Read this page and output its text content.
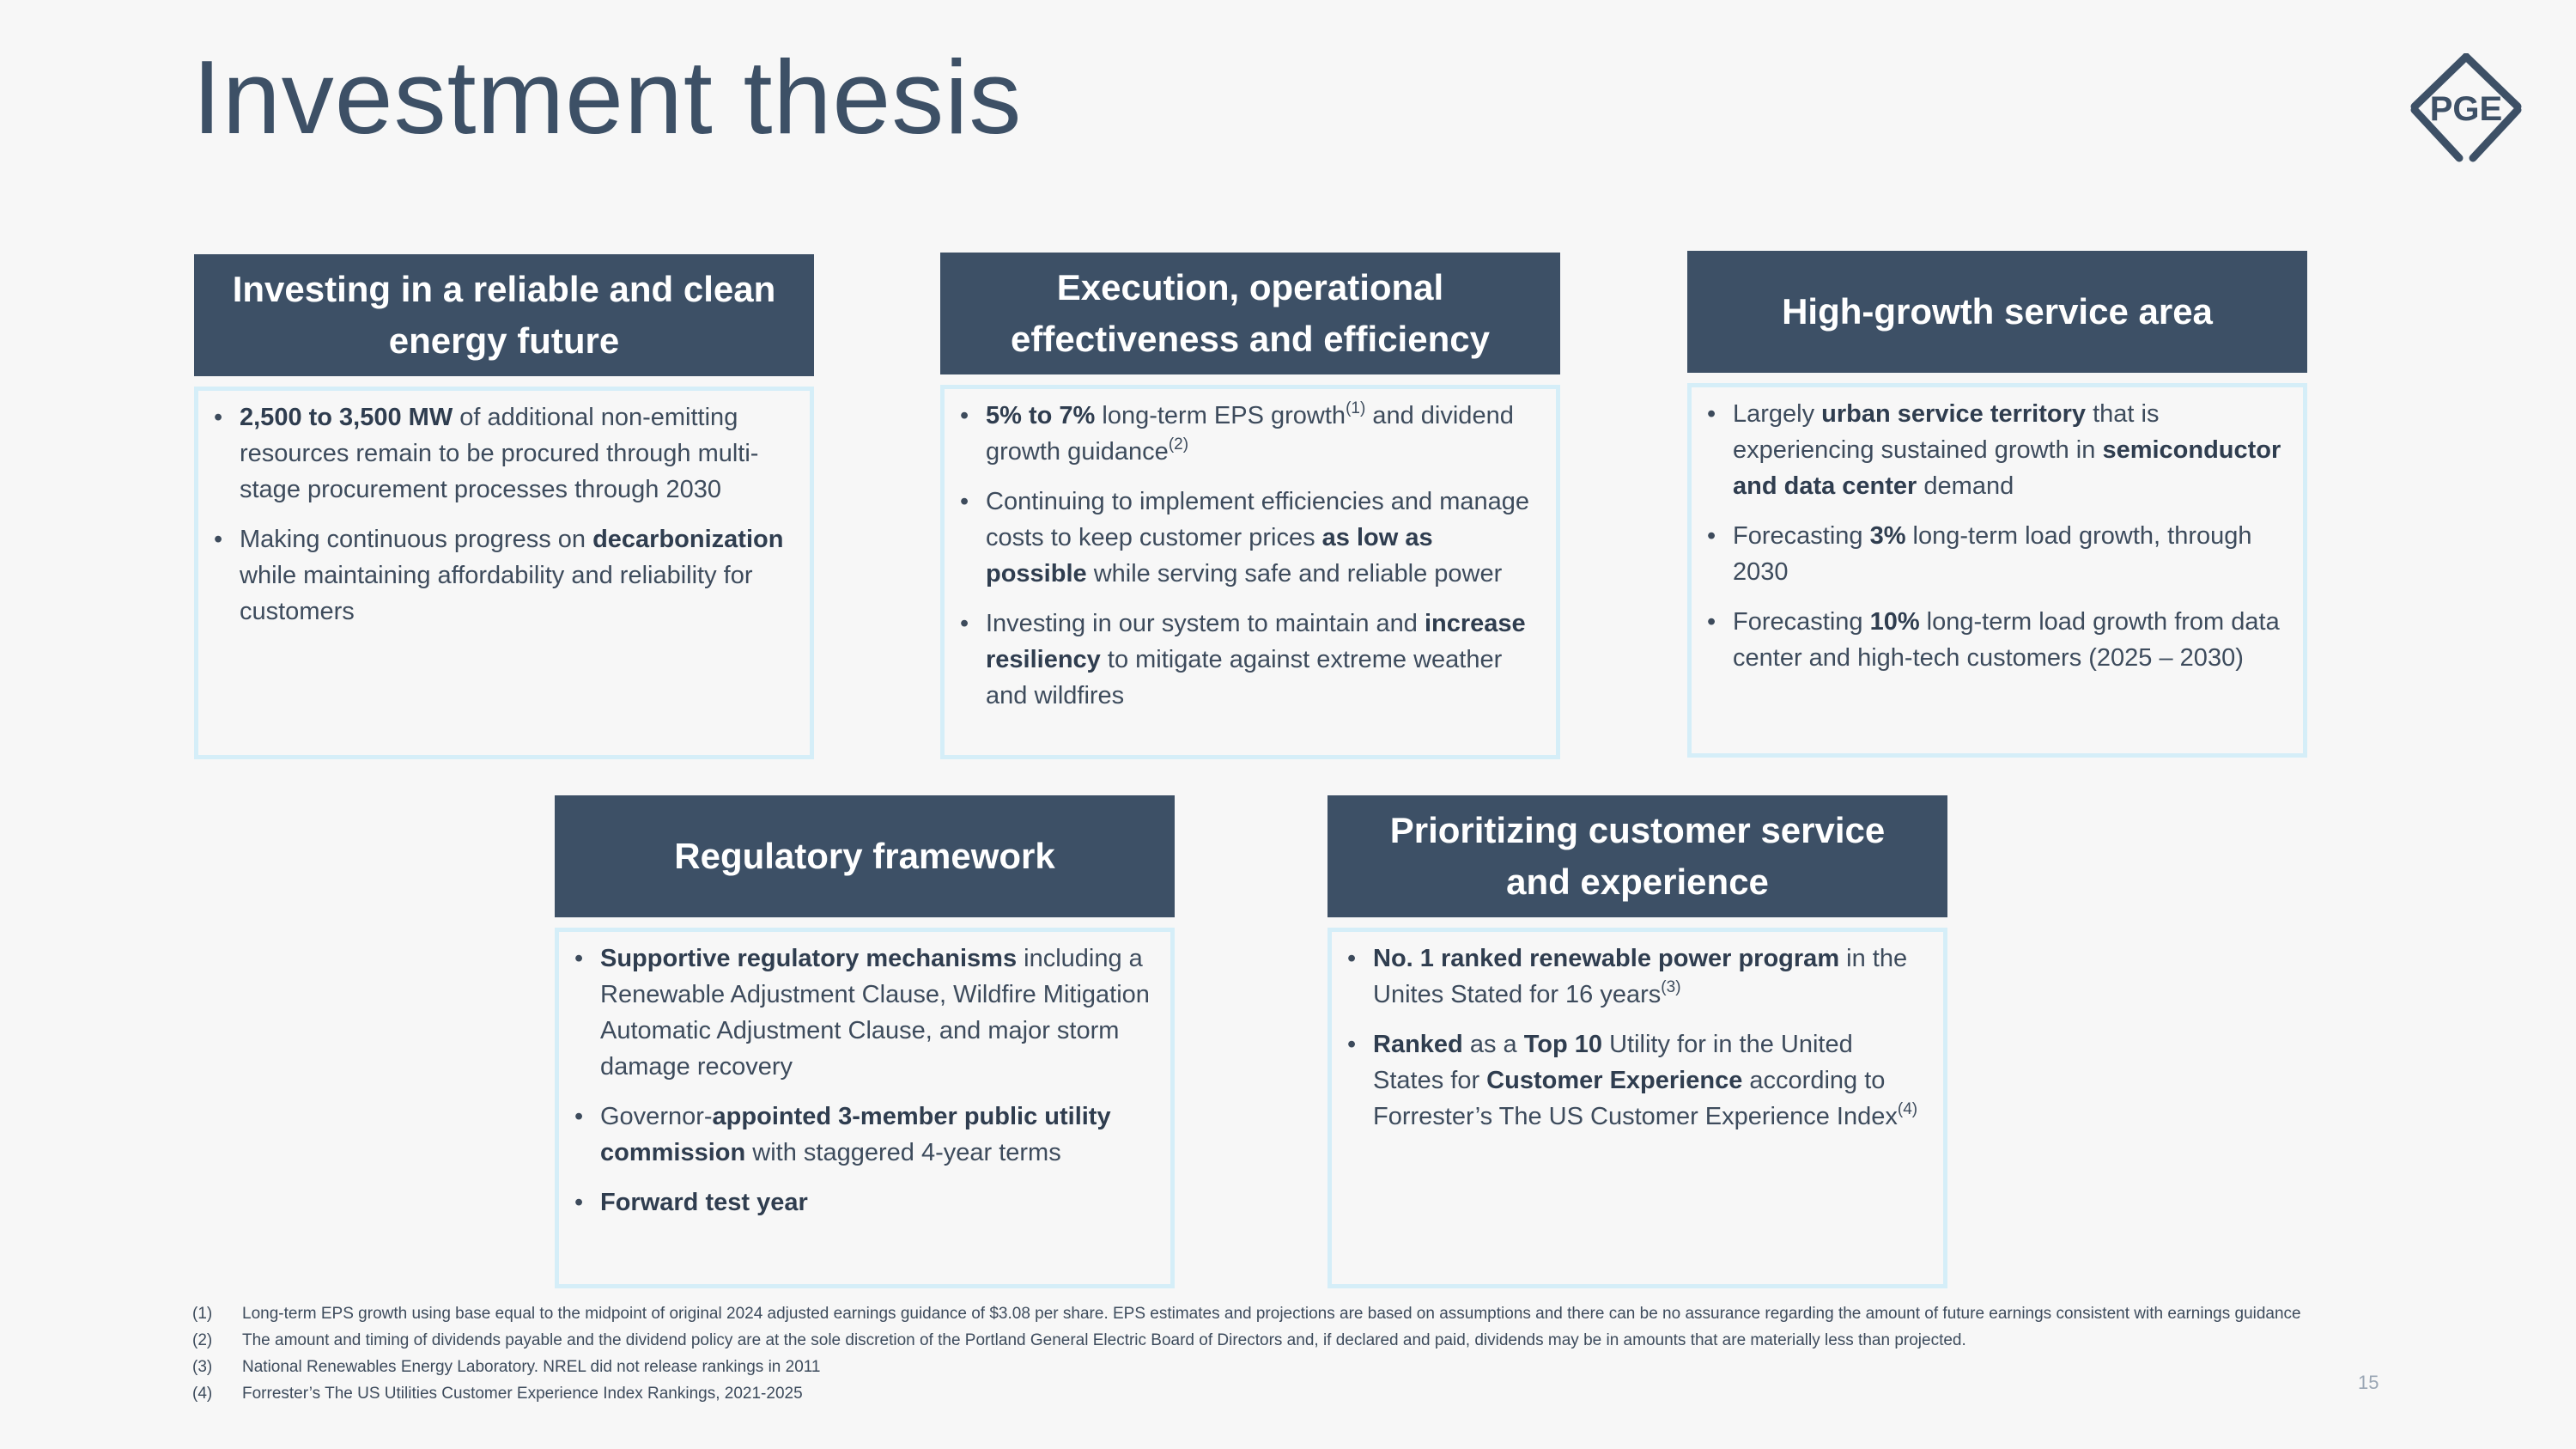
Investment thesis	PGE
Investing in a reliable and clean energy future
• 2,500 to 3,500 MW of additional non-emitting resources remain to be procured through multi-stage procurement processes through 2030
• Making continuous progress on decarbonization while maintaining affordability and reliability for customers
Execution, operational effectiveness and efficiency
• 5% to 7% long-term EPS growth$^{(1)}$ and dividend growth guidance$^{(2)}$
• Continuing to implement efficiencies and manage costs to keep customer prices as low as possible while serving safe and reliable power
• Investing in our system to maintain and increase resiliency to mitigate against extreme weather and wildfires
High-growth service area
• Largely urban service territory that is experiencing sustained growth in semiconductor and data center demand
• Forecasting 3% long-term load growth, through 2030
• Forecasting 10% long-term load growth from data center and high-tech customers (2025 – 2030)
Regulatory framework
• Supportive regulatory mechanisms including a Renewable Adjustment Clause, Wildfire Mitigation Automatic Adjustment Clause, and major storm damage recovery
• Governor-appointed 3-member public utility commission with staggered 4-year terms
• Forward test year
Prioritizing customer service and experience
• No. 1 ranked renewable power program in the Unites Stated for 16 years$^{(3)}$
• Ranked as a Top 10 Utility for in the United States for Customer Experience according to Forrester’s The US Customer Experience Index$^{(4)}$
(1)	Long-term EPS growth using base equal to the midpoint of original 2024 adjusted earnings guidance of $3.08 per share. EPS estimates and projections are based on assumptions and there can be no assurance regarding the amount of future earnings consistent with earnings guidance
(2)	The amount and timing of dividends payable and the dividend policy are at the sole discretion of the Portland General Electric Board of Directors and, if declared and paid, dividends may be in amounts that are materially less than projected.
(3)	National Renewables Energy Laboratory. NREL did not release rankings in 2011
(4)	Forrester’s The US Utilities Customer Experience Index Rankings, 2021-2025
15
